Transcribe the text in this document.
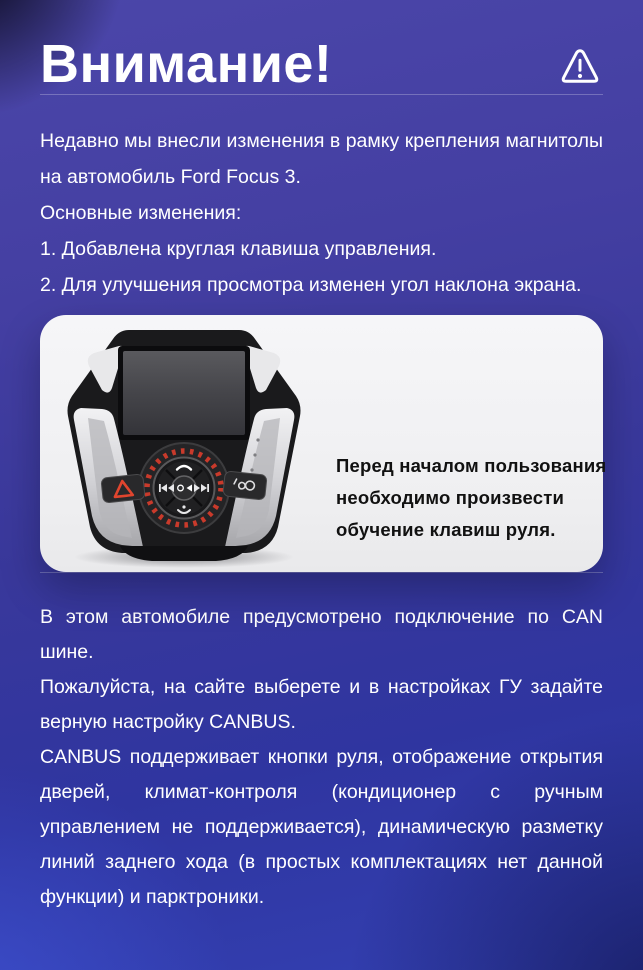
Внимание!

Недавно мы внесли изменения в рамку крепления магнитолы на автомобиль Ford Focus 3.

Основные изменения:

1. Добавлена круглая клавиша управления.

2. Для улучшения просмотра изменен угол наклона экрана.

Перед началом пользования
необходимо произвести
обучение клавиш руля.

В этом автомобиле предусмотрено подключение по CAN шине.

Пожалуйста, на сайте выберете и в настройках ГУ задайте верную настройку CANBUS.

CANBUS поддерживает кнопки руля, отображение открытия дверей, климат-контроля (кондиционер с ручным управлением не поддерживается), динамическую разметку линий заднего хода (в простых комплектациях нет данной функции) и парктроники.
